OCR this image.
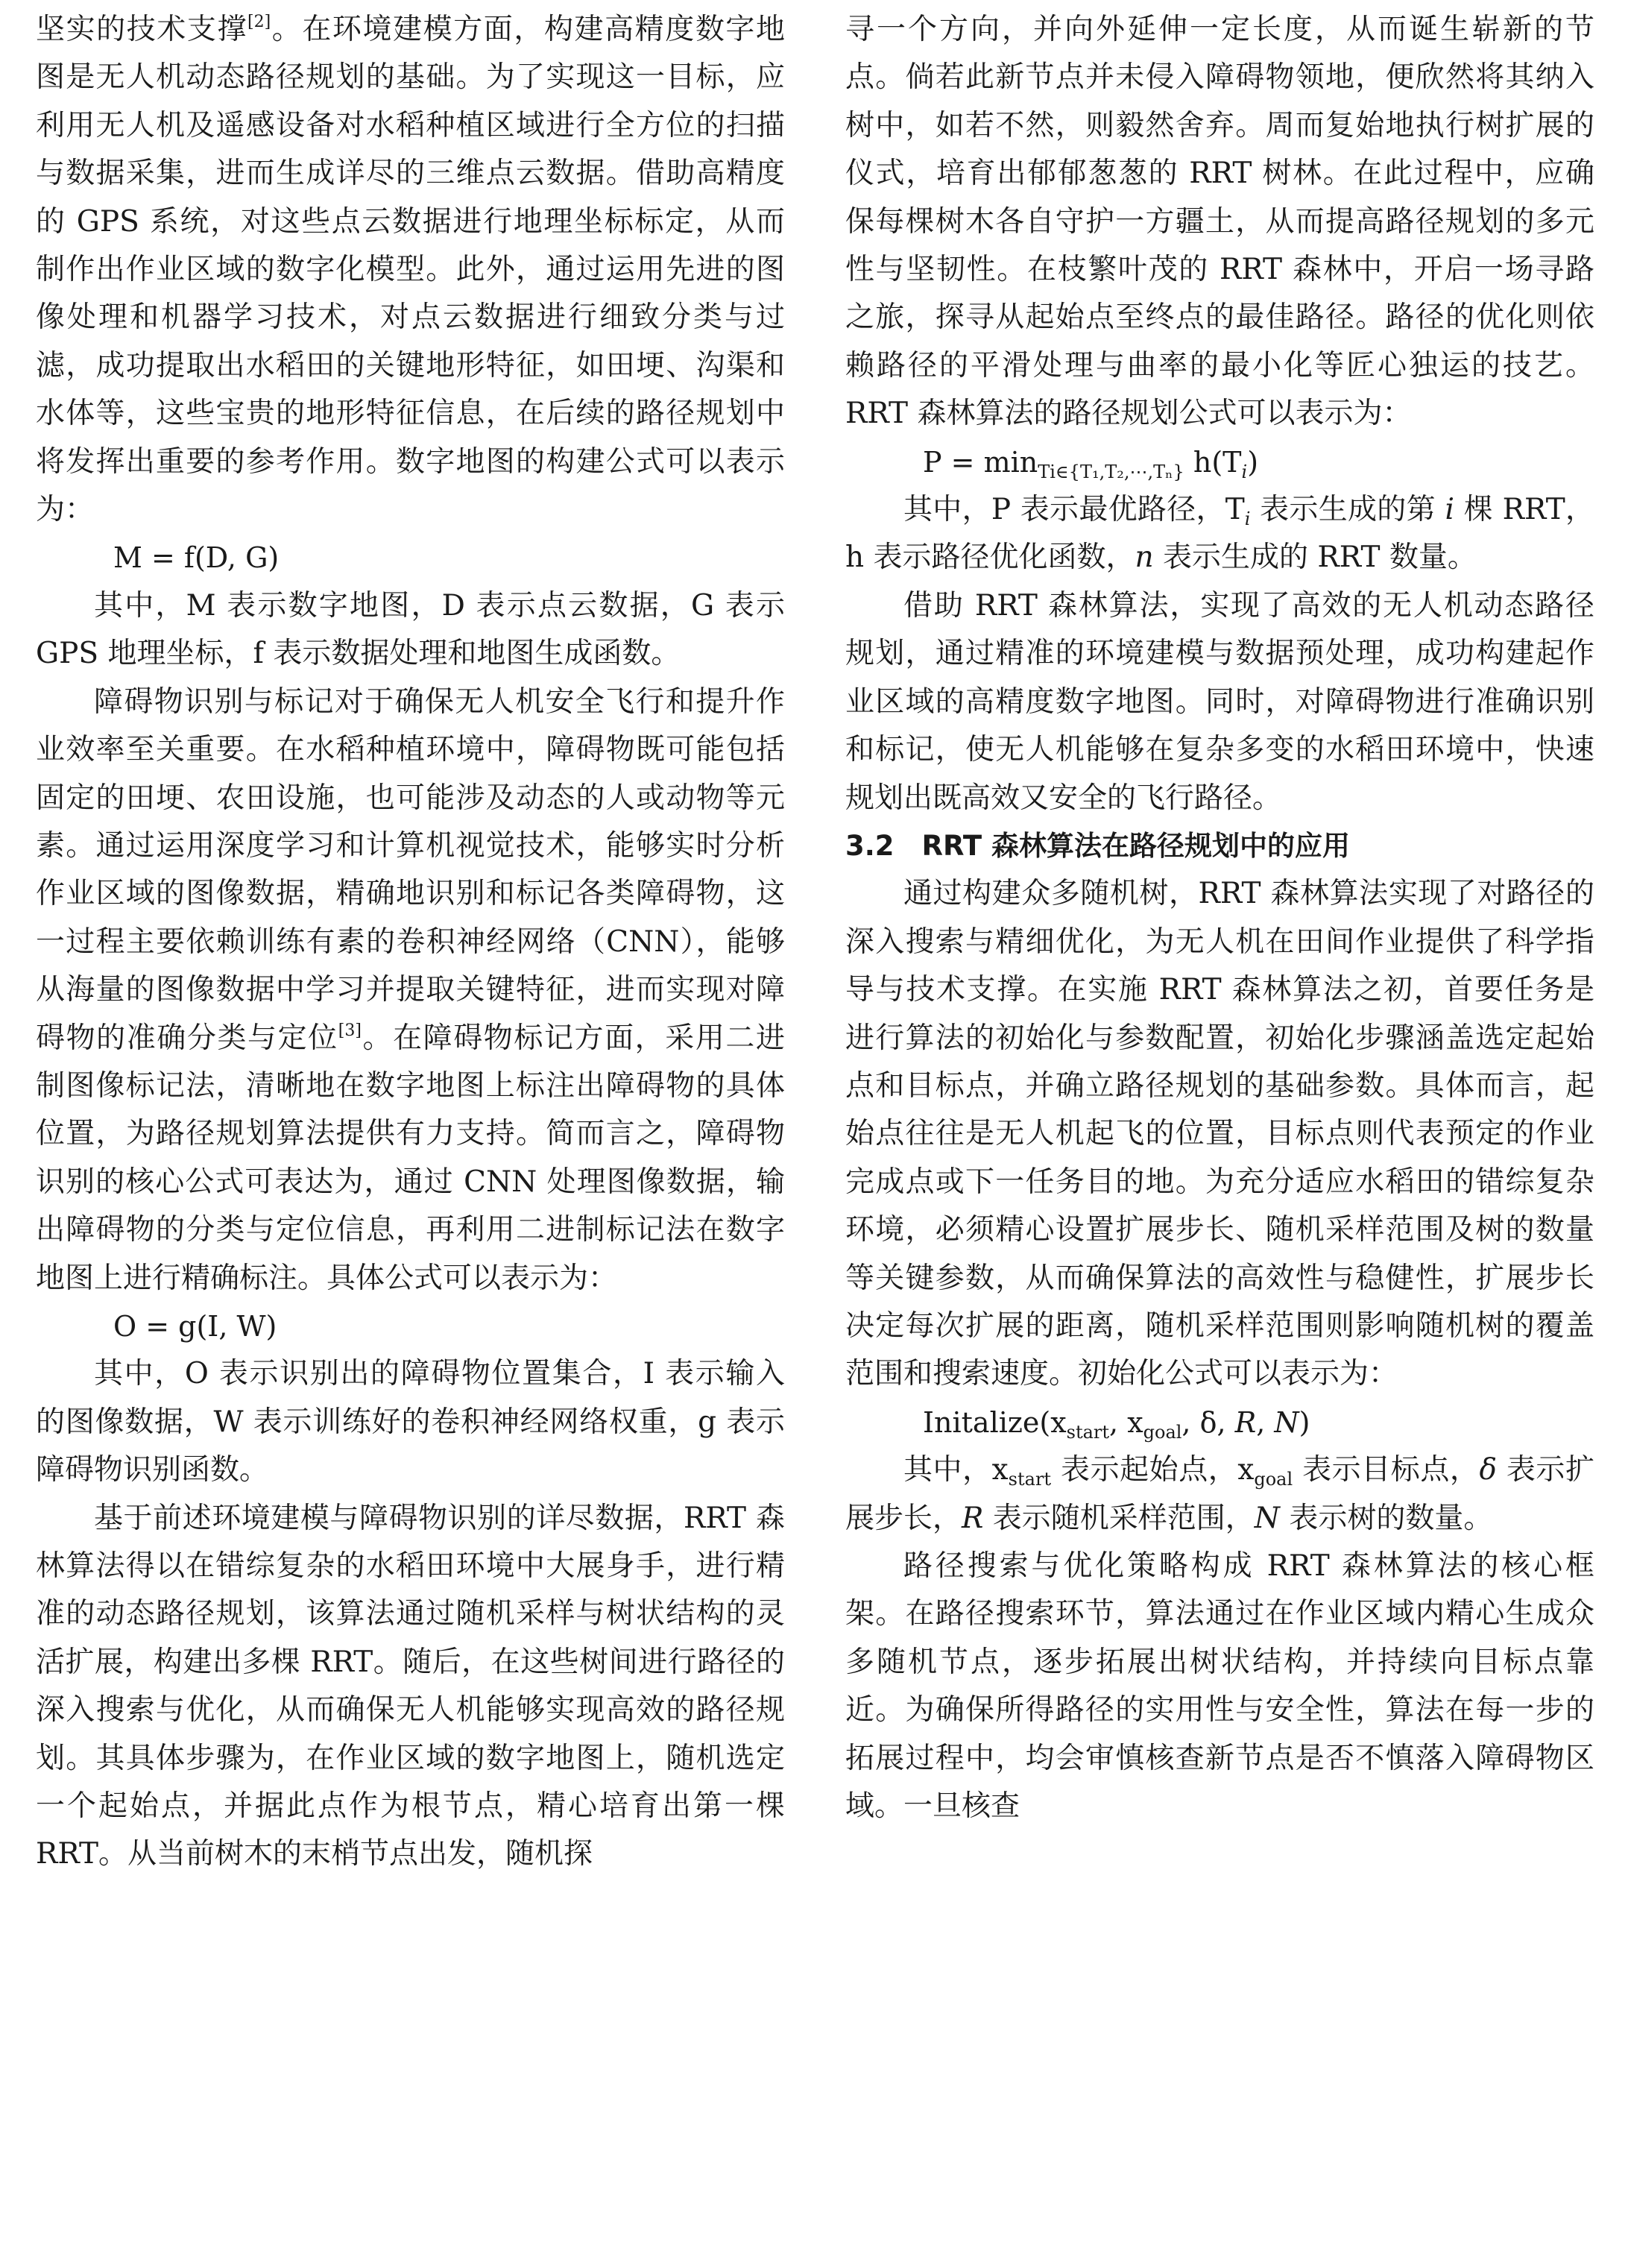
坚实的技术支撑[2]。在环境建模方面，构建高精度数字地图是无人机动态路径规划的基础。为了实现这一目标，应利用无人机及遥感设备对水稻种植区域进行全方位的扫描与数据采集，进而生成详尽的三维点云数据。借助高精度的 GPS 系统，对这些点云数据进行地理坐标标定，从而制作出作业区域的数字化模型。此外，通过运用先进的图像处理和机器学习技术，对点云数据进行细致分类与过滤，成功提取出水稻田的关键地形特征，如田埂、沟渠和水体等，这些宝贵的地形特征信息，在后续的路径规划中将发挥出重要的参考作用。数字地图的构建公式可以表示为：

M = f(D, G)

其中，M 表示数字地图，D 表示点云数据，G 表示 GPS 地理坐标，f 表示数据处理和地图生成函数。

障碍物识别与标记对于确保无人机安全飞行和提升作业效率至关重要。在水稻种植环境中，障碍物既可能包括固定的田埂、农田设施，也可能涉及动态的人或动物等元素。通过运用深度学习和计算机视觉技术，能够实时分析作业区域的图像数据，精确地识别和标记各类障碍物，这一过程主要依赖训练有素的卷积神经网络（CNN），能够从海量的图像数据中学习并提取关键特征，进而实现对障碍物的准确分类与定位[3]。在障碍物标记方面，采用二进制图像标记法，清晰地在数字地图上标注出障碍物的具体位置，为路径规划算法提供有力支持。简而言之，障碍物识别的核心公式可表达为，通过 CNN 处理图像数据，输出障碍物的分类与定位信息，再利用二进制标记法在数字地图上进行精确标注。具体公式可以表示为：

O = g(I, W)

其中，O 表示识别出的障碍物位置集合，I 表示输入的图像数据，W 表示训练好的卷积神经网络权重，g 表示障碍物识别函数。

基于前述环境建模与障碍物识别的详尽数据，RRT 森林算法得以在错综复杂的水稻田环境中大展身手，进行精准的动态路径规划，该算法通过随机采样与树状结构的灵活扩展，构建出多棵 RRT。随后，在这些树间进行路径的深入搜索与优化，从而确保无人机能够实现高效的路径规划。其具体步骤为，在作业区域的数字地图上，随机选定一个起始点，并据此点作为根节点，精心培育出第一棵 RRT。从当前树木的末梢节点出发，随机探

寻一个方向，并向外延伸一定长度，从而诞生崭新的节点。倘若此新节点并未侵入障碍物领地，便欣然将其纳入树中，如若不然，则毅然舍弃。周而复始地执行树扩展的仪式，培育出郁郁葱葱的 RRT 树林。在此过程中，应确保每棵树木各自守护一方疆土，从而提高路径规划的多元性与坚韧性。在枝繁叶茂的 RRT 森林中，开启一场寻路之旅，探寻从起始点至终点的最佳路径。路径的优化则依赖路径的平滑处理与曲率的最小化等匠心独运的技艺。RRT 森林算法的路径规划公式可以表示为：

$P = \min_{Ti\in\{T_1,T_2,\cdots,T_n\}} h(T_i)$

其中，P 表示最优路径，$T_i$ 表示生成的第 i 棵 RRT，h 表示路径优化函数，n 表示生成的 RRT 数量。

借助 RRT 森林算法，实现了高效的无人机动态路径规划，通过精准的环境建模与数据预处理，成功构建起作业区域的高精度数字地图。同时，对障碍物进行准确识别和标记，使无人机能够在复杂多变的水稻田环境中，快速规划出既高效又安全的飞行路径。

3.2　RRT 森林算法在路径规划中的应用

通过构建众多随机树，RRT 森林算法实现了对路径的深入搜索与精细优化，为无人机在田间作业提供了科学指导与技术支撑。在实施 RRT 森林算法之初，首要任务是进行算法的初始化与参数配置，初始化步骤涵盖选定起始点和目标点，并确立路径规划的基础参数。具体而言，起始点往往是无人机起飞的位置，目标点则代表预定的作业完成点或下一任务目的地。为充分适应水稻田的错综复杂环境，必须精心设置扩展步长、随机采样范围及树的数量等关键参数，从而确保算法的高效性与稳健性，扩展步长决定每次扩展的距离，随机采样范围则影响随机树的覆盖范围和搜索速度。初始化公式可以表示为：

$Initalize(x_{start}$, $x_{goal}$, δ, R, N)

其中，$x_{start}$ 表示起始点，$x_{goal}$ 表示目标点，δ 表示扩展步长，R 表示随机采样范围，N 表示树的数量。

路径搜索与优化策略构成 RRT 森林算法的核心框架。在路径搜索环节，算法通过在作业区域内精心生成众多随机节点，逐步拓展出树状结构，并持续向目标点靠近。为确保所得路径的实用性与安全性，算法在每一步的拓展过程中，均会审慎核查新节点是否不慎落入障碍物区域。一旦核查
